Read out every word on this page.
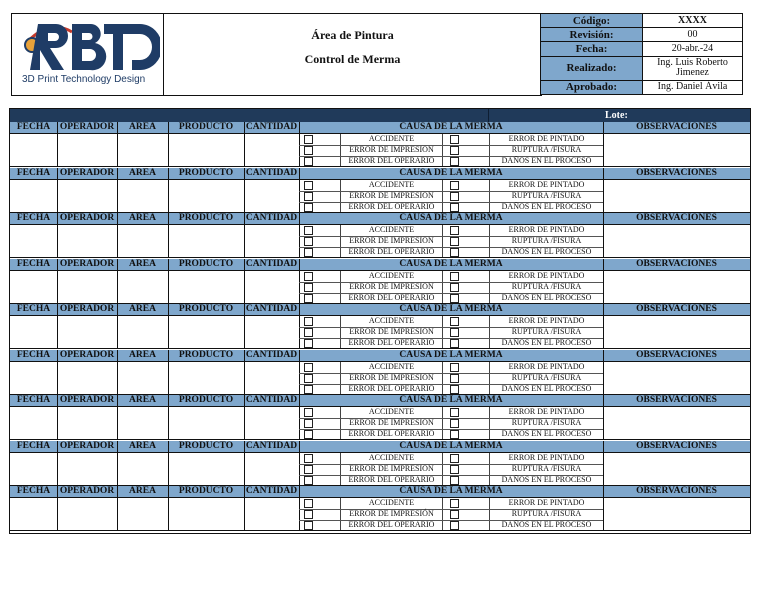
3D Print Technology Design
Área de Pintura
Control de Merma
Código:	XXXX
Revisión:	00
Fecha:	20-abr.-24
Realizado:	Ing. Luis Roberto Jimenez
Aprobado:	Ing. Daniel Ávila
Lote:
FECHA	OPERADOR	AREA	PRODUCTO	CANTIDAD	CAUSA DE LA MERMA	OBSERVACIONES
ACCIDENTE	ERROR DE PINTADO
ERROR DE IMPRESION	RUPTURA /FISURA
ERROR DEL OPERARIO	DAÑOS EN EL PROCESO
FECHA	OPERADOR	AREA	PRODUCTO	CANTIDAD	CAUSA DE LA MERMA	OBSERVACIONES
ACCIDENTE	ERROR DE PINTADO
ERROR DE IMPRESION	RUPTURA /FISURA
ERROR DEL OPERARIO	DAÑOS EN EL PROCESO
FECHA	OPERADOR	AREA	PRODUCTO	CANTIDAD	CAUSA DE LA MERMA	OBSERVACIONES
ACCIDENTE	ERROR DE PINTADO
ERROR DE IMPRESION	RUPTURA /FISURA
ERROR DEL OPERARIO	DAÑOS EN EL PROCESO
FECHA	OPERADOR	AREA	PRODUCTO	CANTIDAD	CAUSA DE LA MERMA	OBSERVACIONES
ACCIDENTE	ERROR DE PINTADO
ERROR DE IMPRESION	RUPTURA /FISURA
ERROR DEL OPERARIO	DAÑOS EN EL PROCESO
FECHA	OPERADOR	AREA	PRODUCTO	CANTIDAD	CAUSA DE LA MERMA	OBSERVACIONES
ACCIDENTE	ERROR DE PINTADO
ERROR DE IMPRESION	RUPTURA /FISURA
ERROR DEL OPERARIO	DAÑOS EN EL PROCESO
FECHA	OPERADOR	AREA	PRODUCTO	CANTIDAD	CAUSA DE LA MERMA	OBSERVACIONES
ACCIDENTE	ERROR DE PINTADO
ERROR DE IMPRESION	RUPTURA /FISURA
ERROR DEL OPERARIO	DAÑOS EN EL PROCESO
FECHA	OPERADOR	AREA	PRODUCTO	CANTIDAD	CAUSA DE LA MERMA	OBSERVACIONES
ACCIDENTE	ERROR DE PINTADO
ERROR DE IMPRESION	RUPTURA /FISURA
ERROR DEL OPERARIO	DAÑOS EN EL PROCESO
FECHA	OPERADOR	AREA	PRODUCTO	CANTIDAD	CAUSA DE LA MERMA	OBSERVACIONES
ACCIDENTE	ERROR DE PINTADO
ERROR DE IMPRESION	RUPTURA /FISURA
ERROR DEL OPERARIO	DAÑOS EN EL PROCESO
FECHA	OPERADOR	AREA	PRODUCTO	CANTIDAD	CAUSA DE LA MERMA	OBSERVACIONES
ACCIDENTE	ERROR DE PINTADO
ERROR DE IMPRESIÓN	RUPTURA /FISURA
ERROR DEL OPERARIO	DAÑOS EN EL PROCESO
